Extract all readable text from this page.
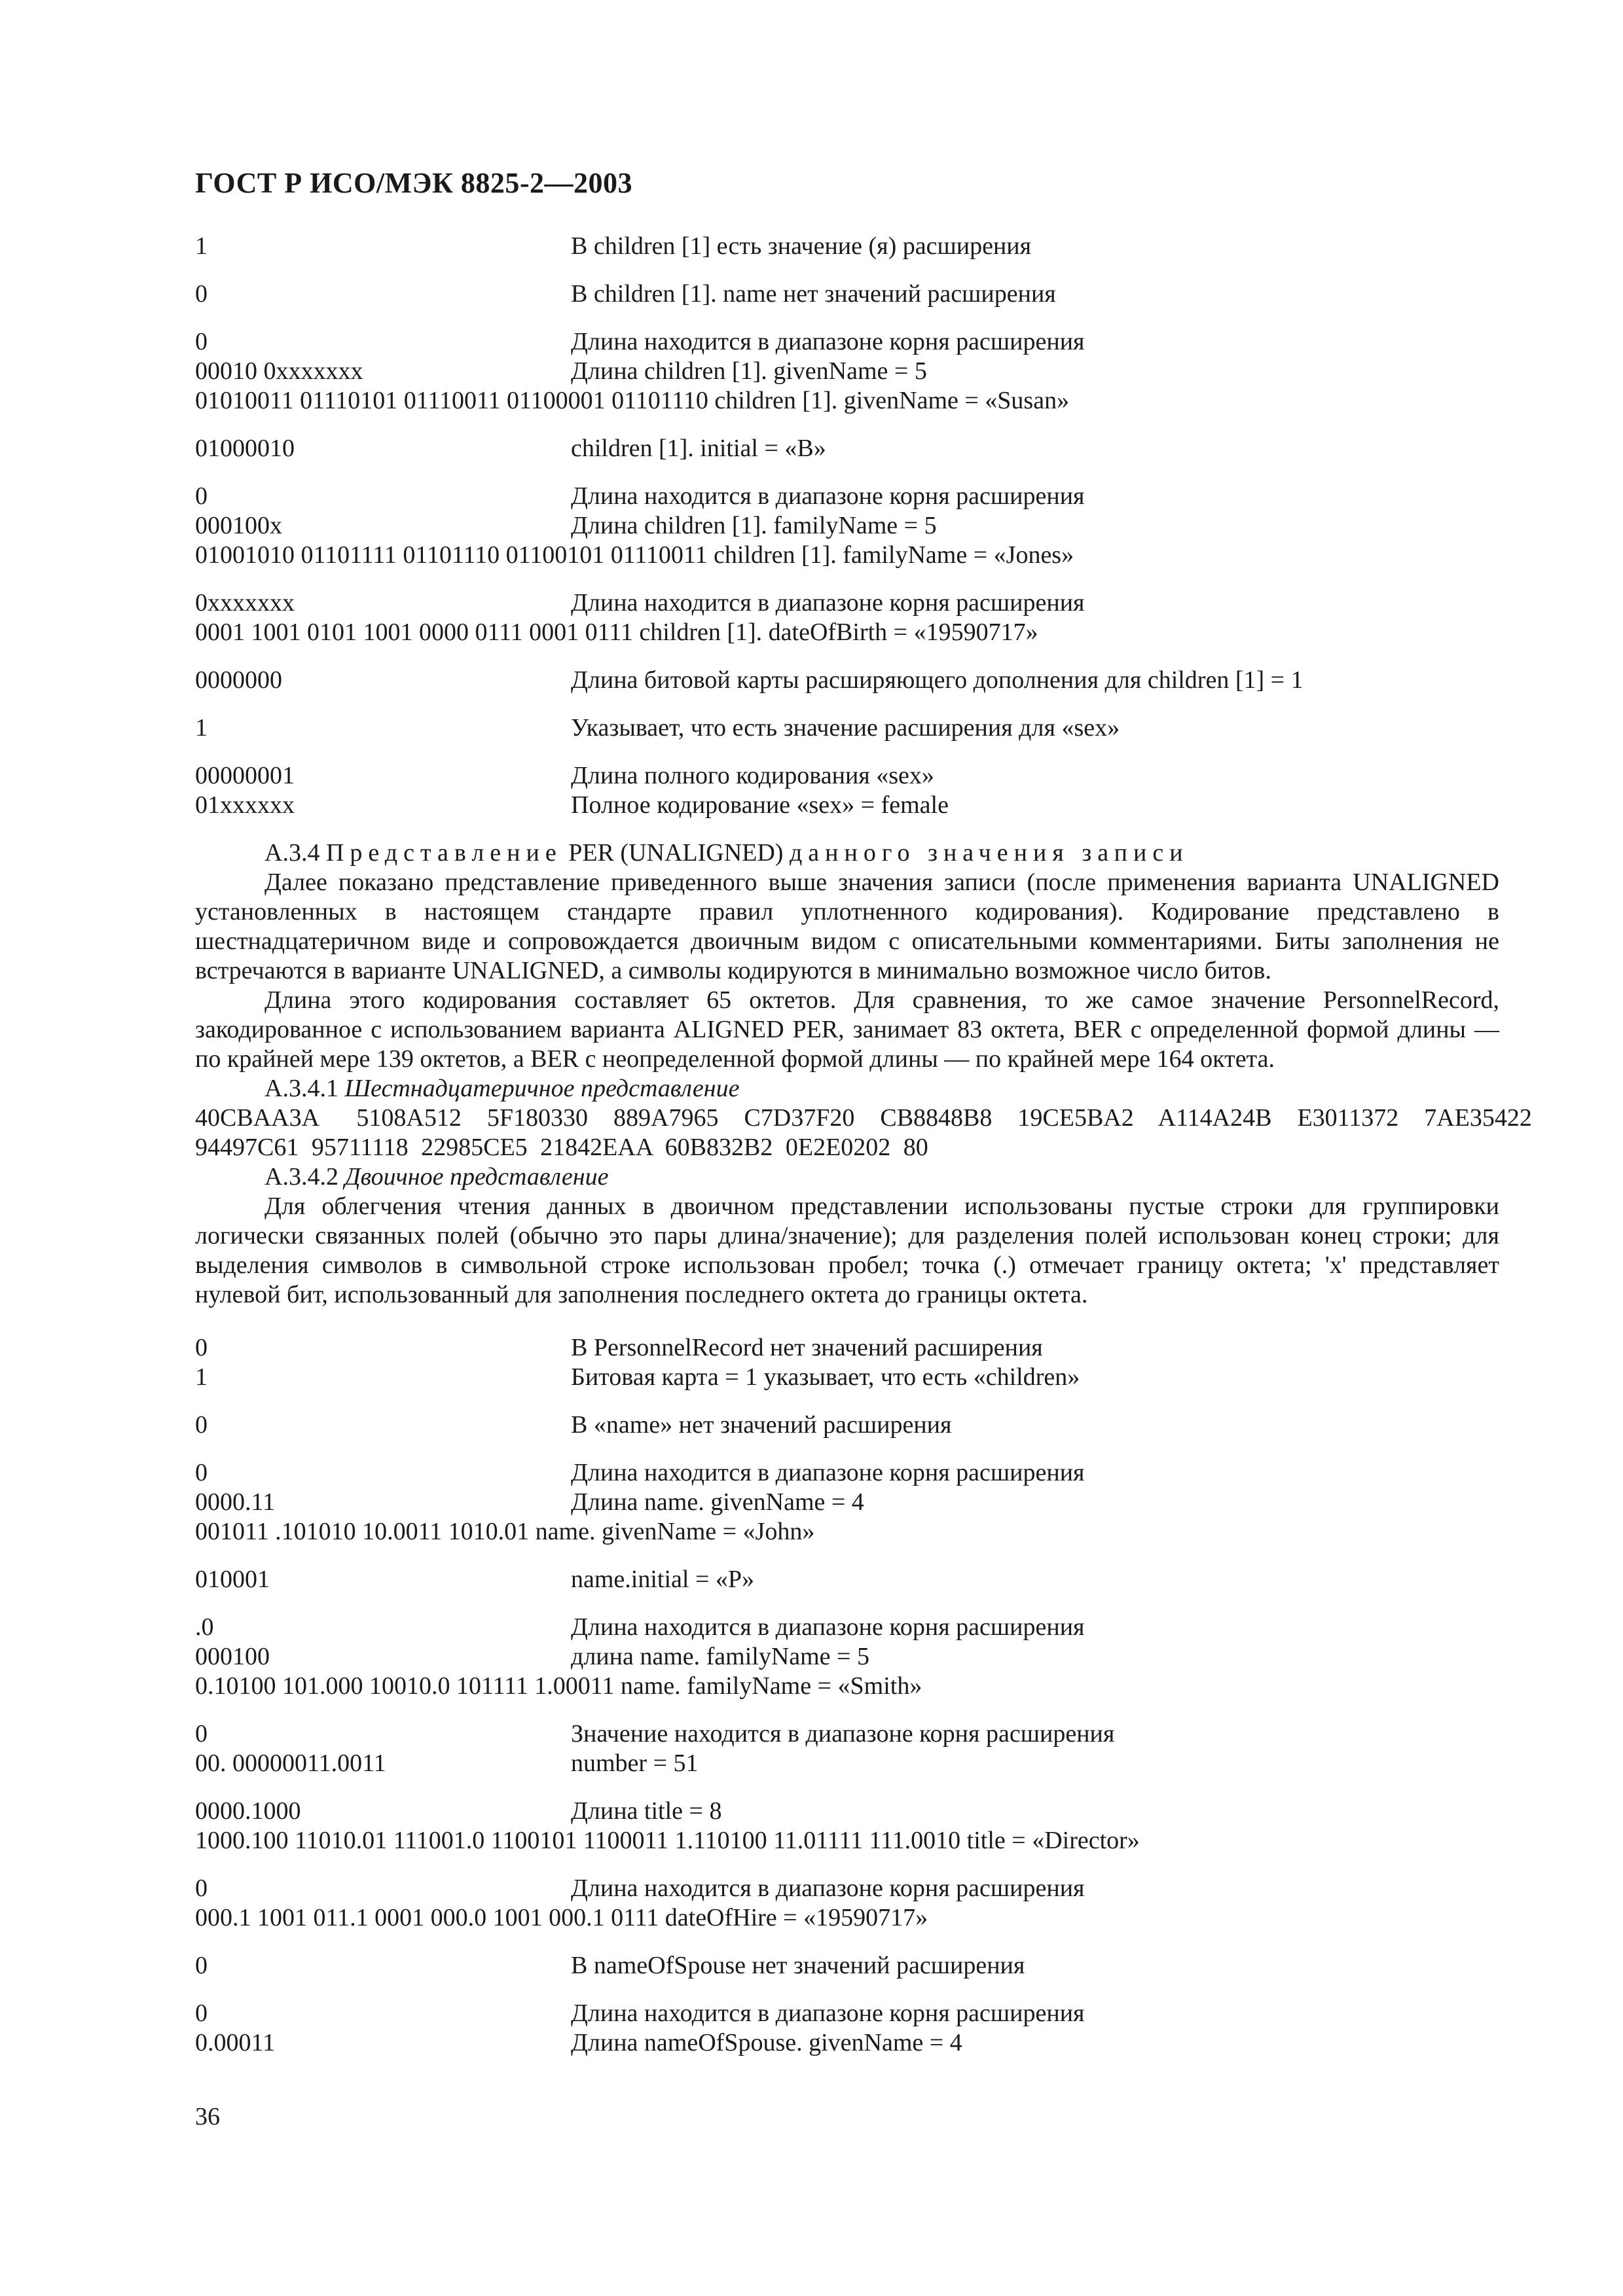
ГОСТ Р ИСО/МЭК 8825-2—2003
1	В children [1] есть значение (я) расширения
0	B children [1]. name нет значений расширения
0	Длина находится в диапазоне корня расширения
00010 0xxxxxxx	Длина children [1]. givenName = 5
01010011 01110101 01110011 01100001 01101110 children [1]. givenName = «Susan»
01000010	children [1]. initial = «B»
0	Длина находится в диапазоне корня расширения
000100x	Длина children [1]. familyName = 5
01001010 01101111 01101110 01100101 01110011 children [1]. familyName = «Jones»
0xxxxxxx	Длина находится в диапазоне корня расширения
0001 1001 0101 1001 0000 0111 0001 0111 children [1]. dateOfBirth = «19590717»
0000000	Длина битовой карты расширяющего дополнения для children [1] = 1
1	Указывает, что есть значение расширения для «sex»
00000001	Длина полного кодирования «sex»
01xxxxxx	Полное кодирование «sex» = female
А.3.4 Представление PER (UNALIGNED) данного значения записи

Далее показано представление приведенного выше значения записи (после применения варианта UNALIGNED установленных в настоящем стандарте правил уплотненного кодирования). Кодирование представлено в шестнадцатеричном виде и сопровождается двоичным видом с описательными комментариями. Биты заполнения не встречаются в варианте UNALIGNED, а символы кодируются в минимально возможное число битов.

Длина этого кодирования составляет 65 октетов. Для сравнения, то же самое значение PersonnelRecord, закодированное с использованием варианта ALIGNED PER, занимает 83 октета, BER с определенной формой длины — по крайней мере 139 октетов, а BER с неопределенной формой длины — по крайней мере 164 октета.

А.3.4.1 Шестнадцатеричное представление

40CBAA3A   5108A512  5F180330  889A7965  C7D37F20  CB8848B8  19CE5BA2  A114A24B  E3011372  7AE35422

94497C61 95711118 22985CE5 21842EAA 60B832B2 0E2E0202 80

А.3.4.2 Двоичное представление

Для облегчения чтения данных в двоичном представлении использованы пустые строки для группировки логически связанных полей (обычно это пары длина/значение); для разделения полей использован конец строки; для выделения символов в символьной строке использован пробел; точка (.) отмечает границу октета; 'x' представляет нулевой бит, использованный для заполнения последнего октета до границы октета.

0	B PersonnelRecord нет значений расширения
1	Битовая карта = 1 указывает, что есть «children»
0	В «name» нет значений расширения
0	Длина находится в диапазоне корня расширения
0000.11	Длина name. givenName = 4
001011 .101010 10.0011 1010.01 name. givenName = «John»
010001	name.initial = «P»
.0	Длина находится в диапазоне корня расширения
000100	длина name. familyName = 5
0.10100 101.000 10010.0 101111 1.00011 name. familyName = «Smith»
0	Значение находится в диапазоне корня расширения
00. 00000011.0011	number = 51
0000.1000	Длина title = 8
1000.100 11010.01 111001.0 1100101 1100011 1.110100 11.01111 111.0010 title = «Director»
0	Длина находится в диапазоне корня расширения
000.1 1001 011.1 0001 000.0 1001 000.1 0111 dateOfHire = «19590717»
0	B nameOfSpouse нет значений расширения
0	Длина находится в диапазоне корня расширения
0.00011	Длина nameOfSpouse. givenName = 4
36
